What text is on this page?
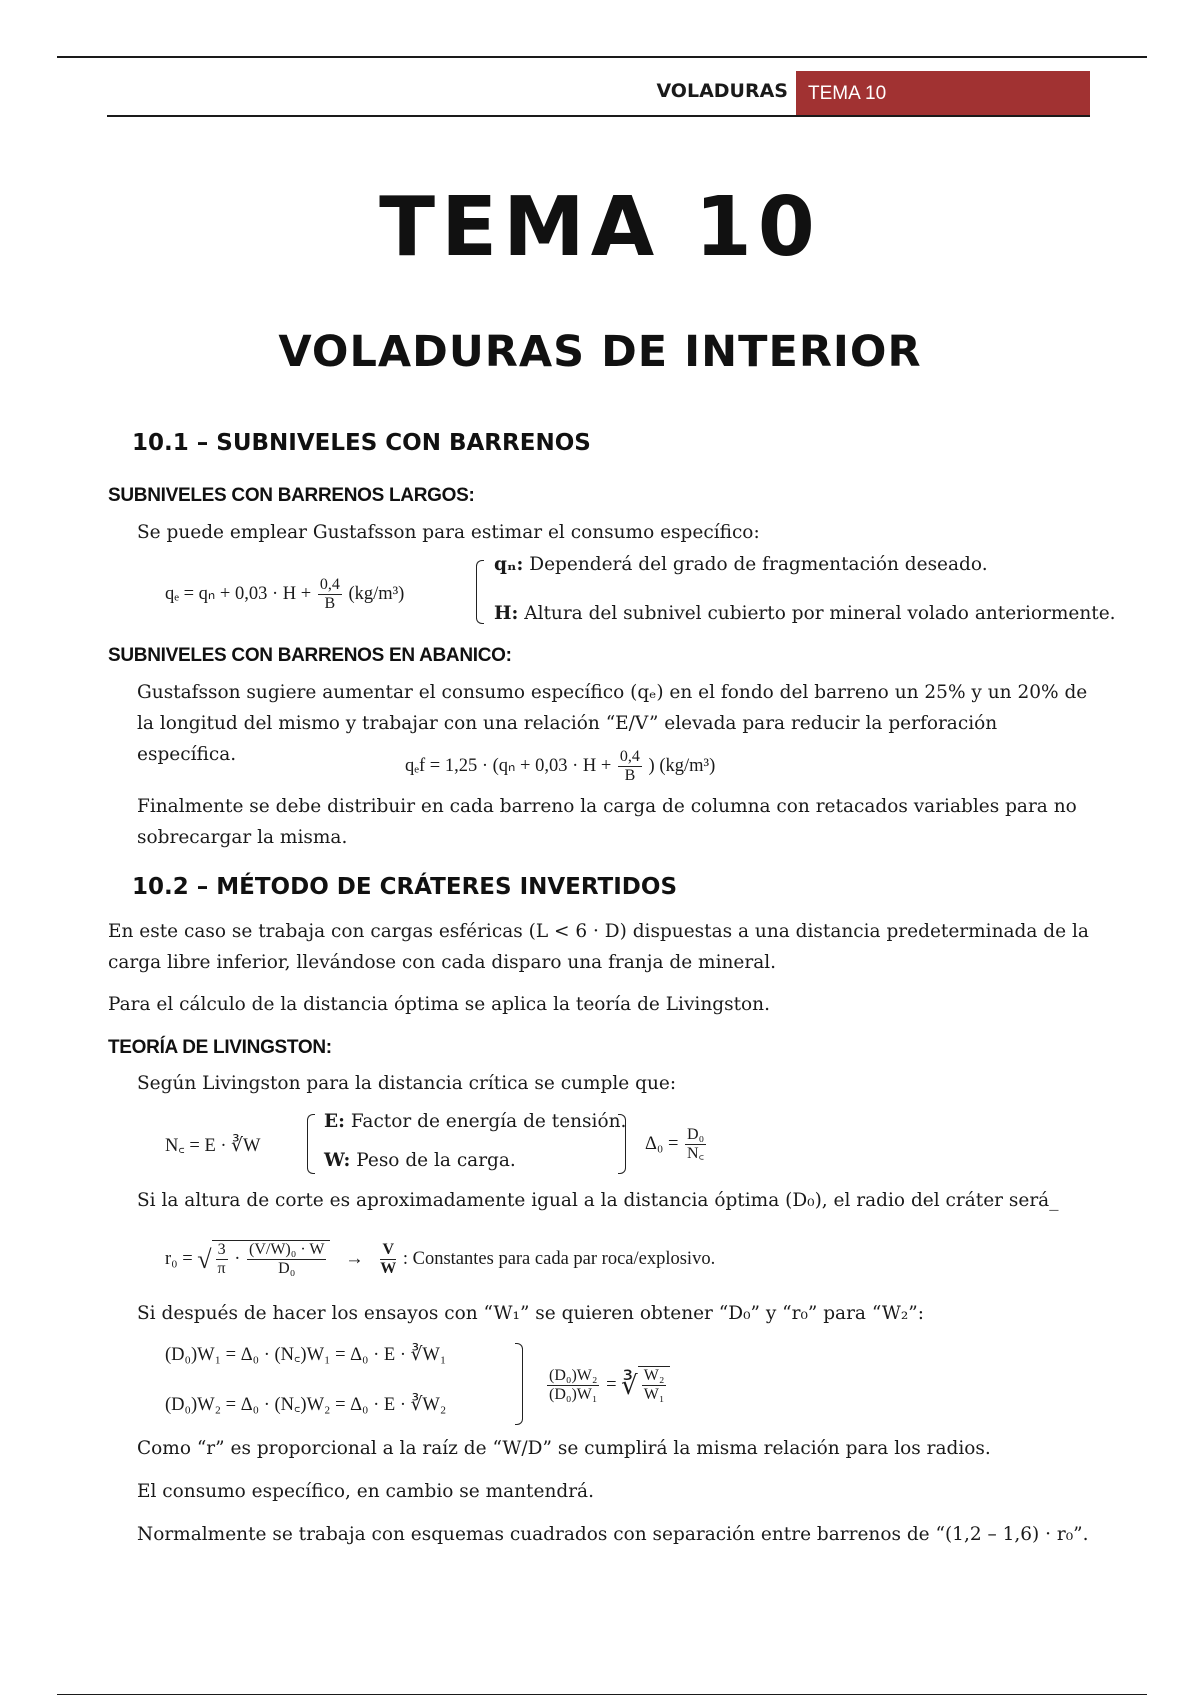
VOLADURAS	TEMA 10
TEMA 10
VOLADURAS DE INTERIOR
10.1 – SUBNIVELES CON BARRENOS
SUBNIVELES CON BARRENOS LARGOS:
Se puede emplear Gustafsson para estimar el consumo específico:
$q_e = q_n + 0,03 \cdot H + \frac{0,4}{B} (kg/m^3)$
qₙ: Dependerá del grado de fragmentación deseado.
H: Altura del subnivel cubierto por mineral volado anteriormente.
SUBNIVELES CON BARRENOS EN ABANICO:
Gustafsson sugiere aumentar el consumo específico (qₑ) en el fondo del barreno un 25% y un 20% de la longitud del mismo y trabajar con una relación “E/V” elevada para reducir la perforación específica.
$q_ef = 1,25 \cdot (q_n + 0,03 \cdot H + \frac{0,4}{B}$ ) (kg/m³)
Finalmente se debe distribuir en cada barreno la carga de columna con retacados variables para no sobrecargar la misma.
10.2 – MÉTODO DE CRÁTERES INVERTIDOS
En este caso se trabaja con cargas esféricas (L < 6 · D) dispuestas a una distancia predeterminada de la carga libre inferior, llevándose con cada disparo una franja de mineral.
Para el cálculo de la distancia óptima se aplica la teoría de Livingston.
TEORÍA DE LIVINGSTON:
Según Livingston para la distancia crítica se cumple que:
N꜀ = E · ∛W
E: Factor de energía de tensión.
W: Peso de la carga.
$\Delta_0 = \frac{\text{D₀}}{N꜀}$
Si la altura de corte es aproximadamente igual a la distancia óptima (D₀), el radio del cráter será_
r₀ = √ $\frac{3}{\pi} \cdot \frac{\text{(V/W)₀ · W}}{\text{D₀}} \to \frac{V}{W}$ : Constantes para cada par roca/explosivo.
Si después de hacer los ensayos con “W₁” se quieren obtener “D₀” y “r₀” para “W₂”:
(D₀)W₁ = Δ₀ · (N꜀)W₁ = Δ₀ · E · ∛W₁
(D₀)W₂ = Δ₀ · (N꜀)W₂ = Δ₀ · E · ∛W₂
$\frac{\text{(D₀)W₂}}{\text{(D₀)W₁}}$ = ∛ $\frac{\text{W₂}}{\text{W₁}}$
Como “r” es proporcional a la raíz de “W/D” se cumplirá la misma relación para los radios.
El consumo específico, en cambio se mantendrá.
Normalmente se trabaja con esquemas cuadrados con separación entre barrenos de “(1,2 – 1,6) · r₀”.
